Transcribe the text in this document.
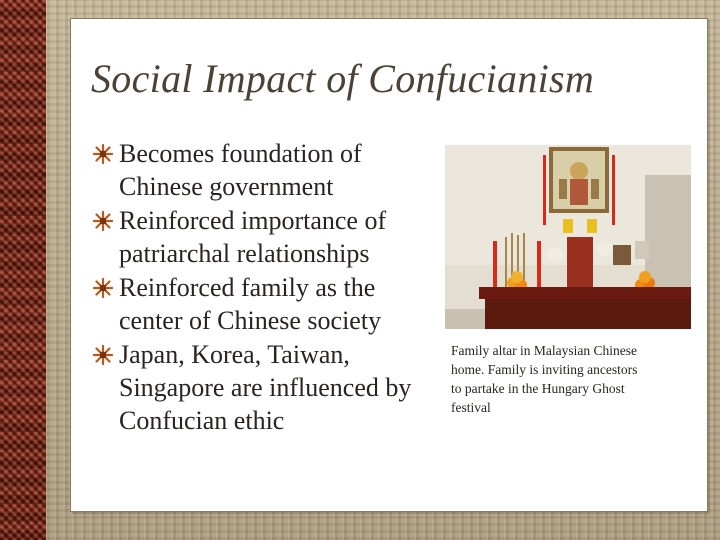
Social Impact of Confucianism
Becomes foundation of Chinese government
Reinforced importance of patriarchal relationships
Reinforced family as the center of Chinese society
Japan, Korea, Taiwan, Singapore are influenced by Confucian ethic

Family altar in Malaysian Chinese
home. Family is inviting ancestors
to partake in the Hungary Ghost
festival
